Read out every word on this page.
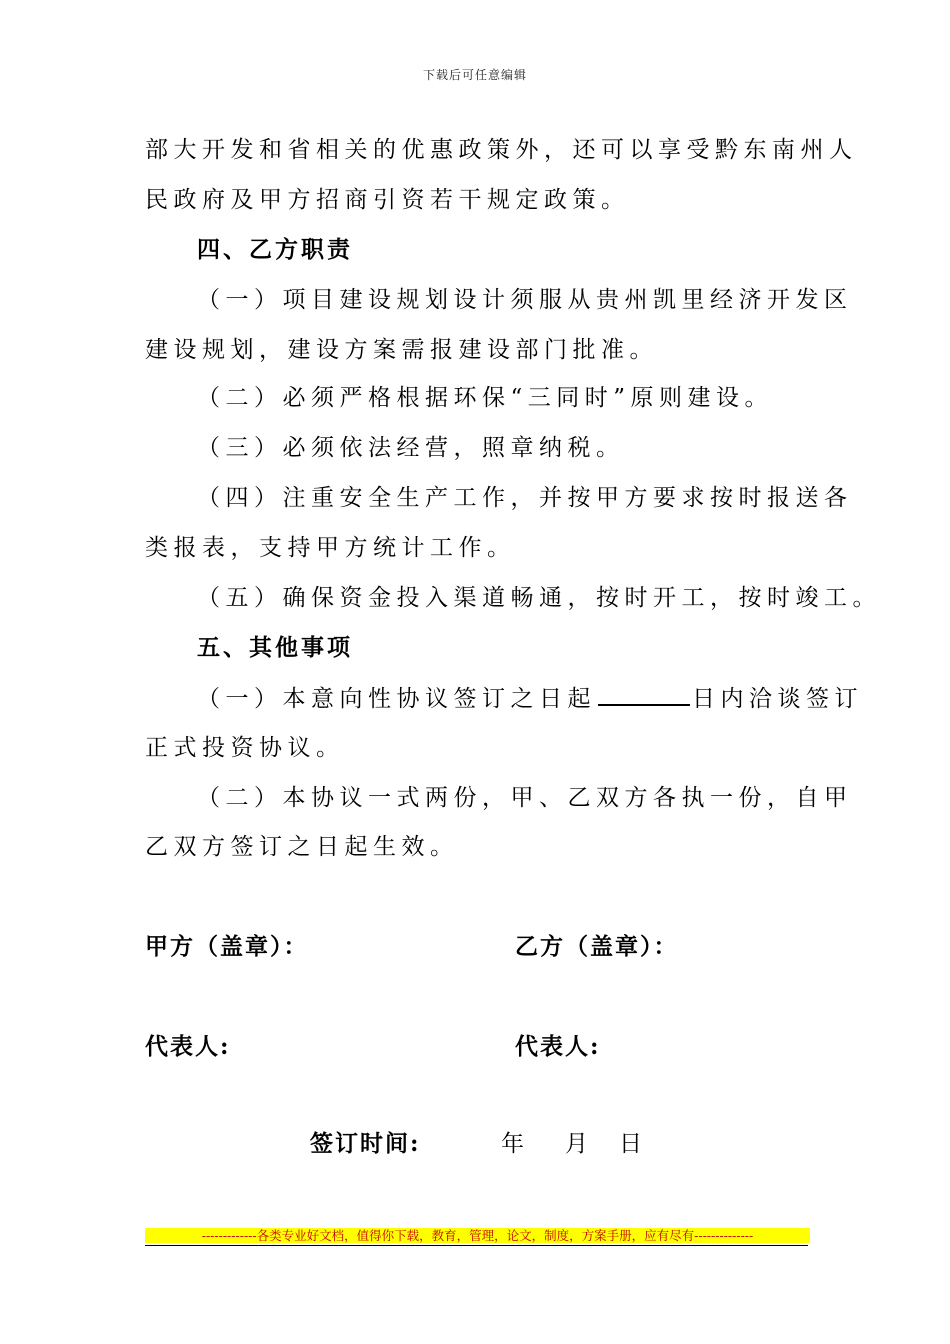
下载后可任意编辑
部大开发和省相关的优惠政策外，还可以享受黔东南州人
民政府及甲方招商引资若干规定政策。
四、乙方职责
（一）项目建设规划设计须服从贵州凯里经济开发区
建设规划，建设方案需报建设部门批准。
（二）必须严格根据环保“三同时”原则建设。
（三）必须依法经营，照章纳税。
（四）注重安全生产工作，并按甲方要求按时报送各
类报表，支持甲方统计工作。
（五）确保资金投入渠道畅通，按时开工，按时竣工。
五、其他事项
（一）本意向性协议签订之日起	日内洽谈签订
正式投资协议。
（二）本协议一式两份，甲、乙双方各执一份，自甲
乙双方签订之日起生效。
甲方（盖章）：	乙方（盖章）：
代表人:	代表人:
签订时间:	年 月 日
-------------各类专业好文档，值得你下载，教育，管理，论文，制度，方案手册，应有尽有--------------
